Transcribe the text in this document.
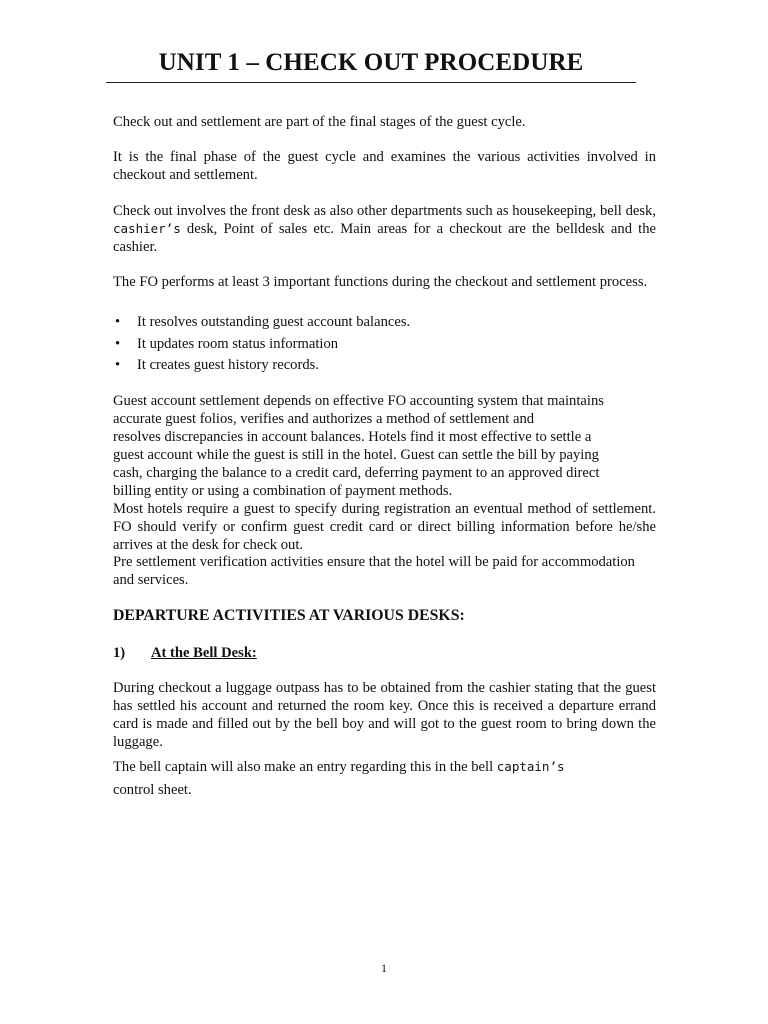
UNIT 1 – CHECK OUT PROCEDURE

Check out and settlement are part of the final stages of the guest cycle.

It is the final phase of the guest cycle and examines the various activities involved in checkout and settlement.

Check out involves the front desk as also other departments such as housekeeping, bell desk, cashier’s desk, Point of sales etc. Main areas for a checkout are the belldesk and the cashier.

The FO performs at least 3 important functions during the checkout and settlement process.

• It resolves outstanding guest account balances.
• It updates room status information
• It creates guest history records.
Guest account settlement depends on effective FO accounting system that maintains
accurate guest folios, verifies and authorizes a method of settlement and
resolves discrepancies in account balances. Hotels find it most effective to settle a
guest account while the guest is still in the hotel. Guest can settle the bill by paying
cash, charging the balance to a credit card, deferring payment to an approved direct
billing entity or using a combination of payment methods.

Most hotels require a guest to specify during registration an eventual method of settlement. FO should verify or confirm guest credit card or direct billing information before he/she arrives at the desk for check out.

Pre settlement verification activities ensure that the hotel will be paid for accommodation and services.

DEPARTURE ACTIVITIES AT VARIOUS DESKS:
1) At the Bell Desk:

During checkout a luggage outpass has to be obtained from the cashier stating that the guest has settled his account and returned the room key. Once this is received a departure errand card is made and filled out by the bell boy and will got to the guest room to bring down the luggage.

The bell captain will also make an entry regarding this in the bell captain’s
control sheet.

1
